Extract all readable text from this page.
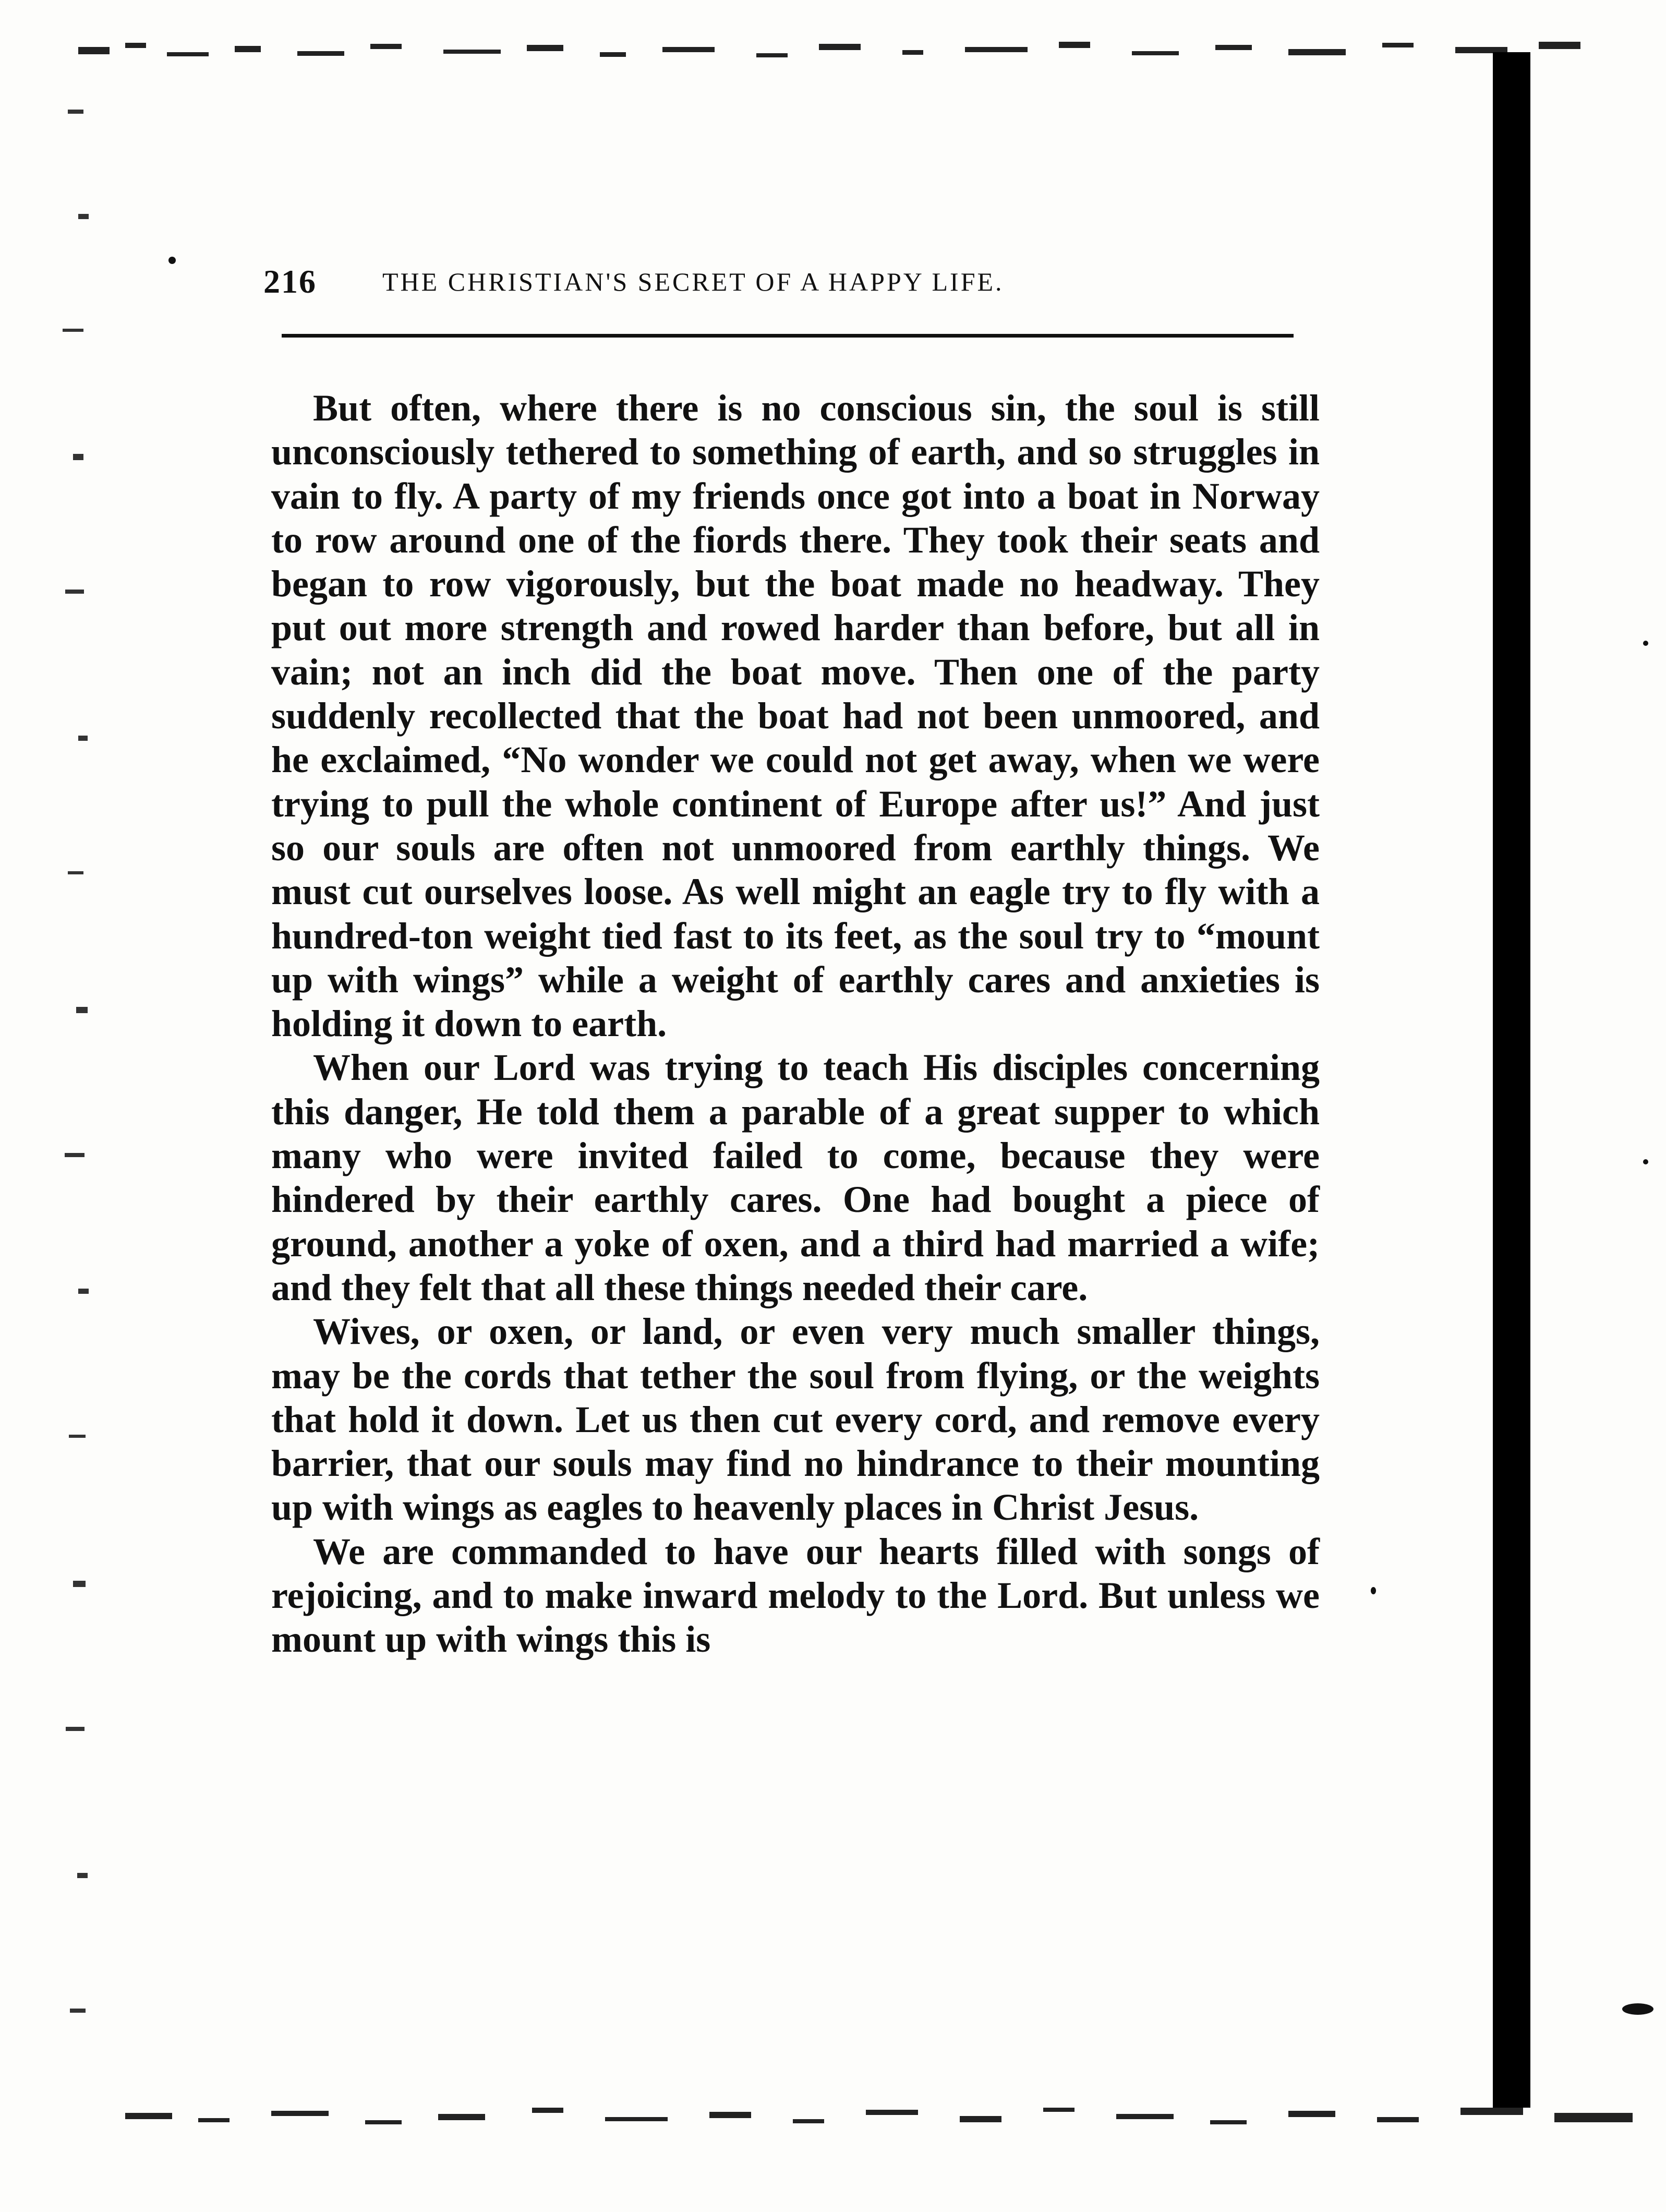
216	THE CHRISTIAN'S SECRET OF A HAPPY LIFE.

But often, where there is no conscious sin, the soul is still unconsciously tethered to something of earth, and so struggles in vain to fly. A party of my friends once got into a boat in Norway to row around one of the fiords there. They took their seats and began to row vigorously, but the boat made no headway. They put out more strength and rowed harder than before, but all in vain; not an inch did the boat move. Then one of the party suddenly recollected that the boat had not been unmoored, and he exclaimed, “No wonder we could not get away, when we were trying to pull the whole continent of Europe after us!” And just so our souls are often not unmoored from earthly things. We must cut ourselves loose. As well might an eagle try to fly with a hundred-ton weight tied fast to its feet, as the soul try to “mount up with wings” while a weight of earthly cares and anxieties is holding it down to earth.

When our Lord was trying to teach His disciples concerning this danger, He told them a parable of a great supper to which many who were invited failed to come, because they were hindered by their earthly cares. One had bought a piece of ground, another a yoke of oxen, and a third had married a wife; and they felt that all these things needed their care.

Wives, or oxen, or land, or even very much smaller things, may be the cords that tether the soul from flying, or the weights that hold it down. Let us then cut every cord, and remove every barrier, that our souls may find no hindrance to their mounting up with wings as eagles to heavenly places in Christ Jesus.

We are commanded to have our hearts filled with songs of rejoicing, and to make inward melody to the Lord. But unless we mount up with wings this is
